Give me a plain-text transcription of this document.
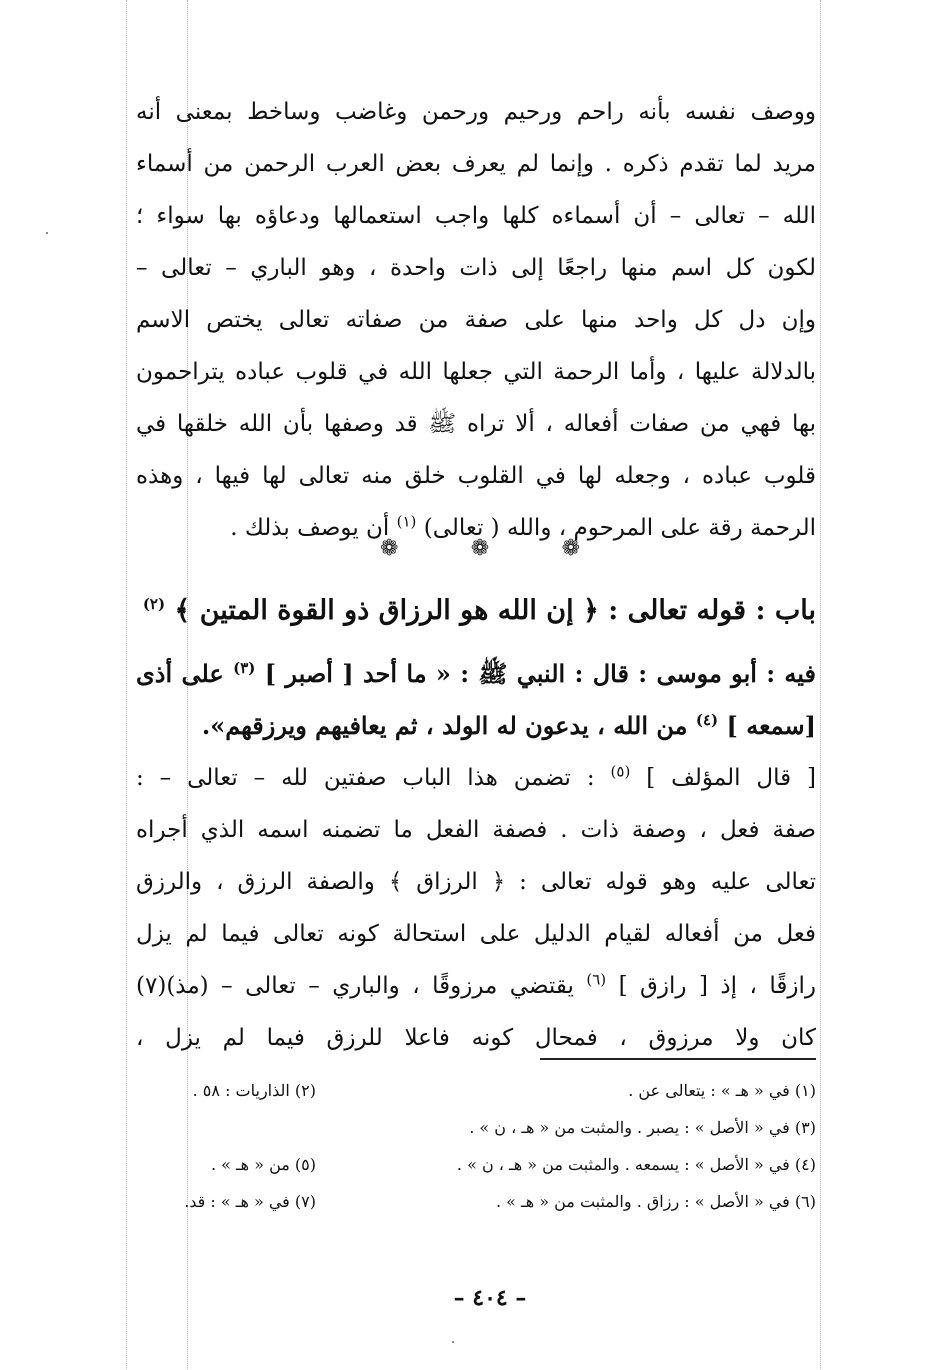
ووصف نفسه بأنه راحم ورحيم ورحمن وغاضب وساخط بمعنى أنه
مريد لما تقدم ذكره . وإنما لم يعرف بعض العرب الرحمن من أسماء
الله – تعالى – أن أسماءه كلها واجب استعمالها ودعاؤه بها سواء ؛
لكون كل اسم منها راجعًا إلى ذات واحدة ، وهو الباري – تعالى –
وإن دل كل واحد منها على صفة من صفاته تعالى يختص الاسم
بالدلالة عليها ، وأما الرحمة التي جعلها الله في قلوب عباده يتراحمون
بها فهي من صفات أفعاله ، ألا تراه ﷺ قد وصفها بأن الله خلقها في
قلوب عباده ، وجعله لها في القلوب خلق منه تعالى لها فيها ، وهذه
الرحمة رقة على المرحوم ، والله ( تعالى) $^{(١)}$ أن يوصف بذلك .
❁	❁	❁
باب : قوله تعالى : ﴿ إن الله هو الرزاق ذو القوة المتين ﴾ $^{(٢)}$
فيه : أبو موسى : قال : النبي ﷺ : « ما أحد [ أصبر ] $^{(٣)}$ على أذى
[سمعه ] $^{(٤)}$ من الله ، يدعون له الولد ، ثم يعافيهم ويرزقهم».
[ قال المؤلف ] $^{(٥)}$ : تضمن هذا الباب صفتين لله – تعالى – :
صفة فعل ، وصفة ذات . فصفة الفعل ما تضمنه اسمه الذي أجراه
تعالى عليه وهو قوله تعالى : ﴿ الرزاق ﴾ والصفة الرزق ، والرزق
فعل من أفعاله لقيام الدليل على استحالة كونه تعالى فيما لم يزل
رازقًا ، إذ [ رازق ] $^{(٦)}$ يقتضي مرزوقًا ، والباري – تعالى – (مذ)(٧)
كان ولا مرزوق ، فمحال كونه فاعلا للرزق فيما لم يزل ،
(١) في « هـ » : يتعالى عن .
(٢) الذاريات : ٥٨ .
(٣) في « الأصل » : يصبر . والمثبت من « هـ ، ن » .
(٤) في « الأصل » : يسمعه . والمثبت من « هـ ، ن » .
(٥) من « هـ » .
(٦) في « الأصل » : رزاق . والمثبت من « هـ » .
(٧) في « هـ » : قد.
– ٤٠٤ –
